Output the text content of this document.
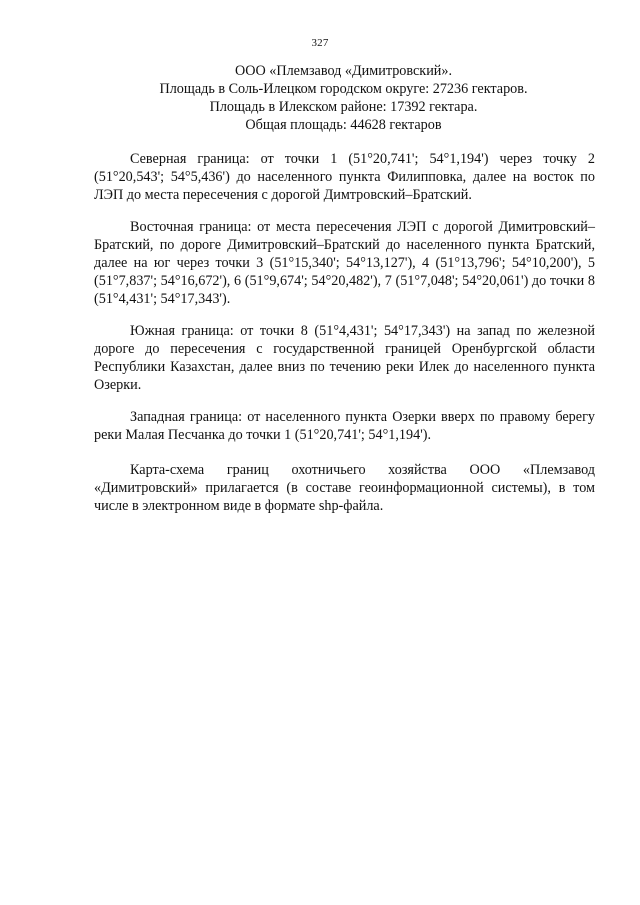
327
ООО «Племзавод «Димитровский».
Площадь в Соль-Илецком городском округе: 27236 гектаров.
Площадь в Илекском районе: 17392 гектара.
Общая площадь: 44628 гектаров

Северная граница: от точки 1 (51°20,741'; 54°1,194') через точку 2 (51°20,543'; 54°5,436') до населенного пункта Филипповка, далее на восток по ЛЭП до места пересечения с дорогой Димтровский–Братский.

Восточная граница: от места пересечения ЛЭП с дорогой Димитровский–Братский, по дороге Димитровский–Братский до населенного пункта Братский, далее на юг через точки 3 (51°15,340'; 54°13,127'), 4 (51°13,796'; 54°10,200'), 5 (51°7,837'; 54°16,672'), 6 (51°9,674'; 54°20,482'), 7 (51°7,048'; 54°20,061') до точки 8 (51°4,431'; 54°17,343').

Южная граница: от точки 8 (51°4,431'; 54°17,343') на запад по железной дороге до пересечения с государственной границей Оренбургской области Республики Казахстан, далее вниз по течению реки Илек до населенного пункта Озерки.

Западная граница: от населенного пункта Озерки вверх по правому берегу реки Малая Песчанка до точки 1 (51°20,741'; 54°1,194').

Карта-схема границ охотничьего хозяйства ООО «Племзавод «Димитровский» прилагается (в составе геоинформационной системы), в том числе в электронном виде в формате shp-файла.
